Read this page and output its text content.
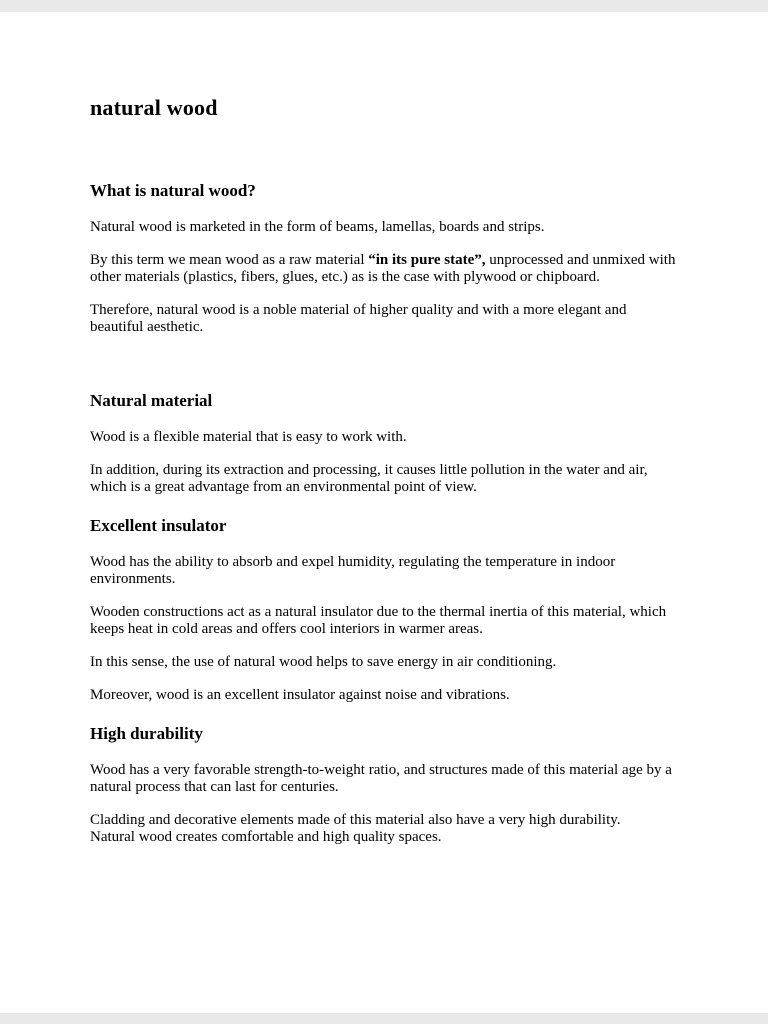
natural wood
What is natural wood?

Natural wood is marketed in the form of beams, lamellas, boards and strips.

By this term we mean wood as a raw material “in its pure state”, unprocessed and unmixed with other materials (plastics, fibers, glues, etc.) as is the case with plywood or chipboard.

Therefore, natural wood is a noble material of higher quality and with a more elegant and beautiful aesthetic.

Natural material

Wood is a flexible material that is easy to work with.

In addition, during its extraction and processing, it causes little pollution in the water and air, which is a great advantage from an environmental point of view.

Excellent insulator

Wood has the ability to absorb and expel humidity, regulating the temperature in indoor environments.

Wooden constructions act as a natural insulator due to the thermal inertia of this material, which keeps heat in cold areas and offers cool interiors in warmer areas.

In this sense, the use of natural wood helps to save energy in air conditioning.

Moreover, wood is an excellent insulator against noise and vibrations.

High durability

Wood has a very favorable strength-to-weight ratio, and structures made of this material age by a natural process that can last for centuries.

Cladding and decorative elements made of this material also have a very high durability.
Natural wood creates comfortable and high quality spaces.
